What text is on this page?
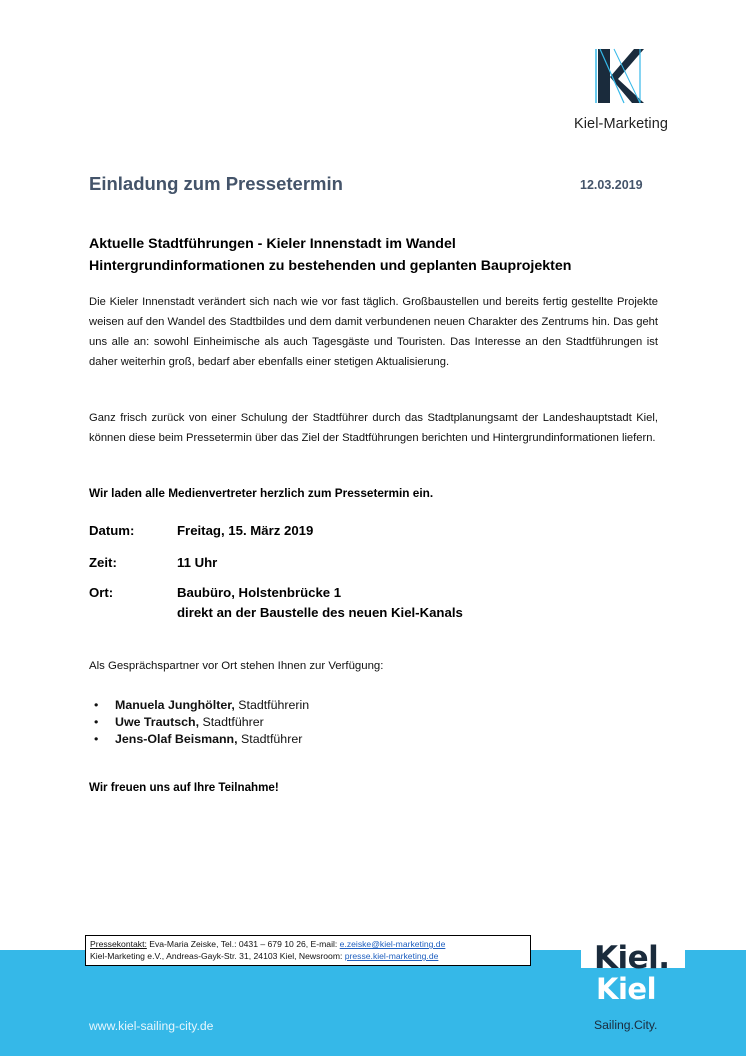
Kiel-Marketing
Einladung zum Pressetermin	12.03.2019
Aktuelle Stadtführungen - Kieler Innenstadt im Wandel
Hintergrundinformationen zu bestehenden und geplanten Bauprojekten
Die Kieler Innenstadt verändert sich nach wie vor fast täglich. Großbaustellen und bereits fertig gestellte Projekte weisen auf den Wandel des Stadtbildes und dem damit verbundenen neuen Charakter des Zentrums hin. Das geht uns alle an: sowohl Einheimische als auch Tagesgäste und Touristen. Das Interesse an den Stadtführungen ist daher weiterhin groß, bedarf aber ebenfalls einer stetigen Aktualisierung.
Ganz frisch zurück von einer Schulung der Stadtführer durch das Stadtplanungsamt der Landeshauptstadt Kiel, können diese beim Pressetermin über das Ziel der Stadtführungen berichten und Hintergrundinformationen liefern.
Wir laden alle Medienvertreter herzlich zum Pressetermin ein.
Datum:	Freitag, 15. März 2019
Zeit:	11 Uhr
Ort:	Baubüro, Holstenbrücke 1
direkt an der Baustelle des neuen Kiel-Kanals
Als Gesprächspartner vor Ort stehen Ihnen zur Verfügung:
• Manuela Junghölter, Stadtführerin
• Uwe Trautsch, Stadtführer
• Jens-Olaf Beismann, Stadtführer
Wir freuen uns auf Ihre Teilnahme!
www.kiel-sailing-city.de
Pressekontakt: Eva-Maria Zeiske, Tel.: 0431 – 679 10 26, E-mail: e.zeiske@kiel-marketing.de
Kiel-Marketing e.V., Andreas-Gayk-Str. 31, 24103 Kiel, Newsroom: presse.kiel-marketing.de	Kiel.
Kiel
Sailing.City.
